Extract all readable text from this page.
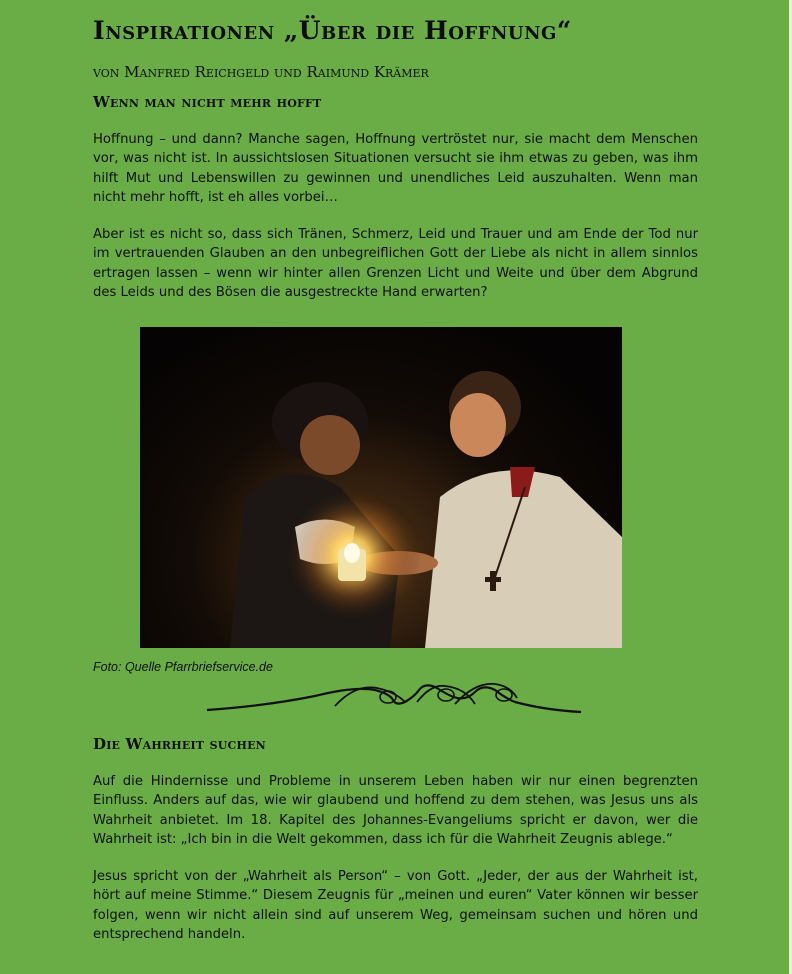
Inspirationen „Über die Hoffnung“
von Manfred Reichgeld und Raimund Krämer
Wenn man nicht mehr hofft

Hoffnung – und dann? Manche sagen, Hoffnung vertröstet nur, sie macht dem Menschen vor, was nicht ist. In aussichtslosen Situationen versucht sie ihm etwas zu geben, was ihm hilft Mut und Lebenswillen zu gewinnen und unendliches Leid auszuhalten. Wenn man nicht mehr hofft, ist eh alles vorbei…

Aber ist es nicht so, dass sich Tränen, Schmerz, Leid und Trauer und am Ende der Tod nur im vertrauenden Glauben an den unbegreiflichen Gott der Liebe als nicht in allem sinnlos ertragen lassen – wenn wir hinter allen Grenzen Licht und Weite und über dem Abgrund des Leids und des Bösen die ausgestreckte Hand erwarten?

Foto: Quelle Pfarrbriefservice.de
Die Wahrheit suchen

Auf die Hindernisse und Probleme in unserem Leben haben wir nur einen begrenzten Einfluss. Anders auf das, wie wir glaubend und hoffend zu dem stehen, was Jesus uns als Wahrheit anbietet. Im 18. Kapitel des Johannes-Evangeliums spricht er davon, wer die Wahrheit ist: „Ich bin in die Welt gekommen, dass ich für die Wahrheit Zeugnis ablege.“

Jesus spricht von der „Wahrheit als Person“ – von Gott. „Jeder, der aus der Wahrheit ist, hört auf meine Stimme.“ Diesem Zeugnis für „meinen und euren“ Vater können wir besser folgen, wenn wir nicht allein sind auf unserem Weg, gemeinsam suchen und hören und entsprechend handeln.
